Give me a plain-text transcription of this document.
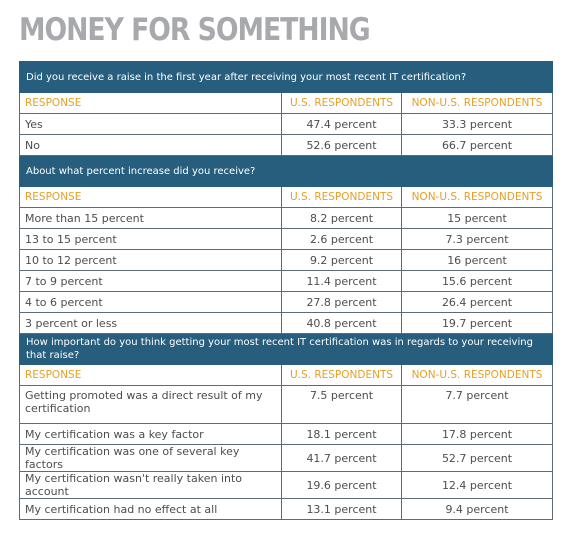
MONEY FOR SOMETHING
Did you receive a raise in the first year after receiving your most recent IT certification?		
RESPONSE	U.S. RESPONDENTS	NON-U.S. RESPONDENTS
Yes	47.4 percent	33.3 percent
No	52.6 percent	66.7 percent
About what percent increase did you receive?		
RESPONSE	U.S. RESPONDENTS	NON-U.S. RESPONDENTS
More than 15 percent	8.2 percent	15 percent
13 to 15 percent	2.6 percent	7.3 percent
10 to 12 percent	9.2 percent	16 percent
7 to 9 percent	11.4 percent	15.6 percent
4 to 6 percent	27.8 percent	26.4 percent
3 percent or less	40.8 percent	19.7 percent
How important do you think getting your most recent IT certification was in regards to your receiving that raise?		
RESPONSE	U.S. RESPONDENTS	NON-U.S. RESPONDENTS
Getting promoted was a direct result of my certification	7.5 percent	7.7 percent
My certification was a key factor	18.1 percent	17.8 percent
My certification was one of several key factors	41.7 percent	52.7 percent
My certification wasn't really taken into account	19.6 percent	12.4 percent
My certification had no effect at all	13.1 percent	9.4 percent
